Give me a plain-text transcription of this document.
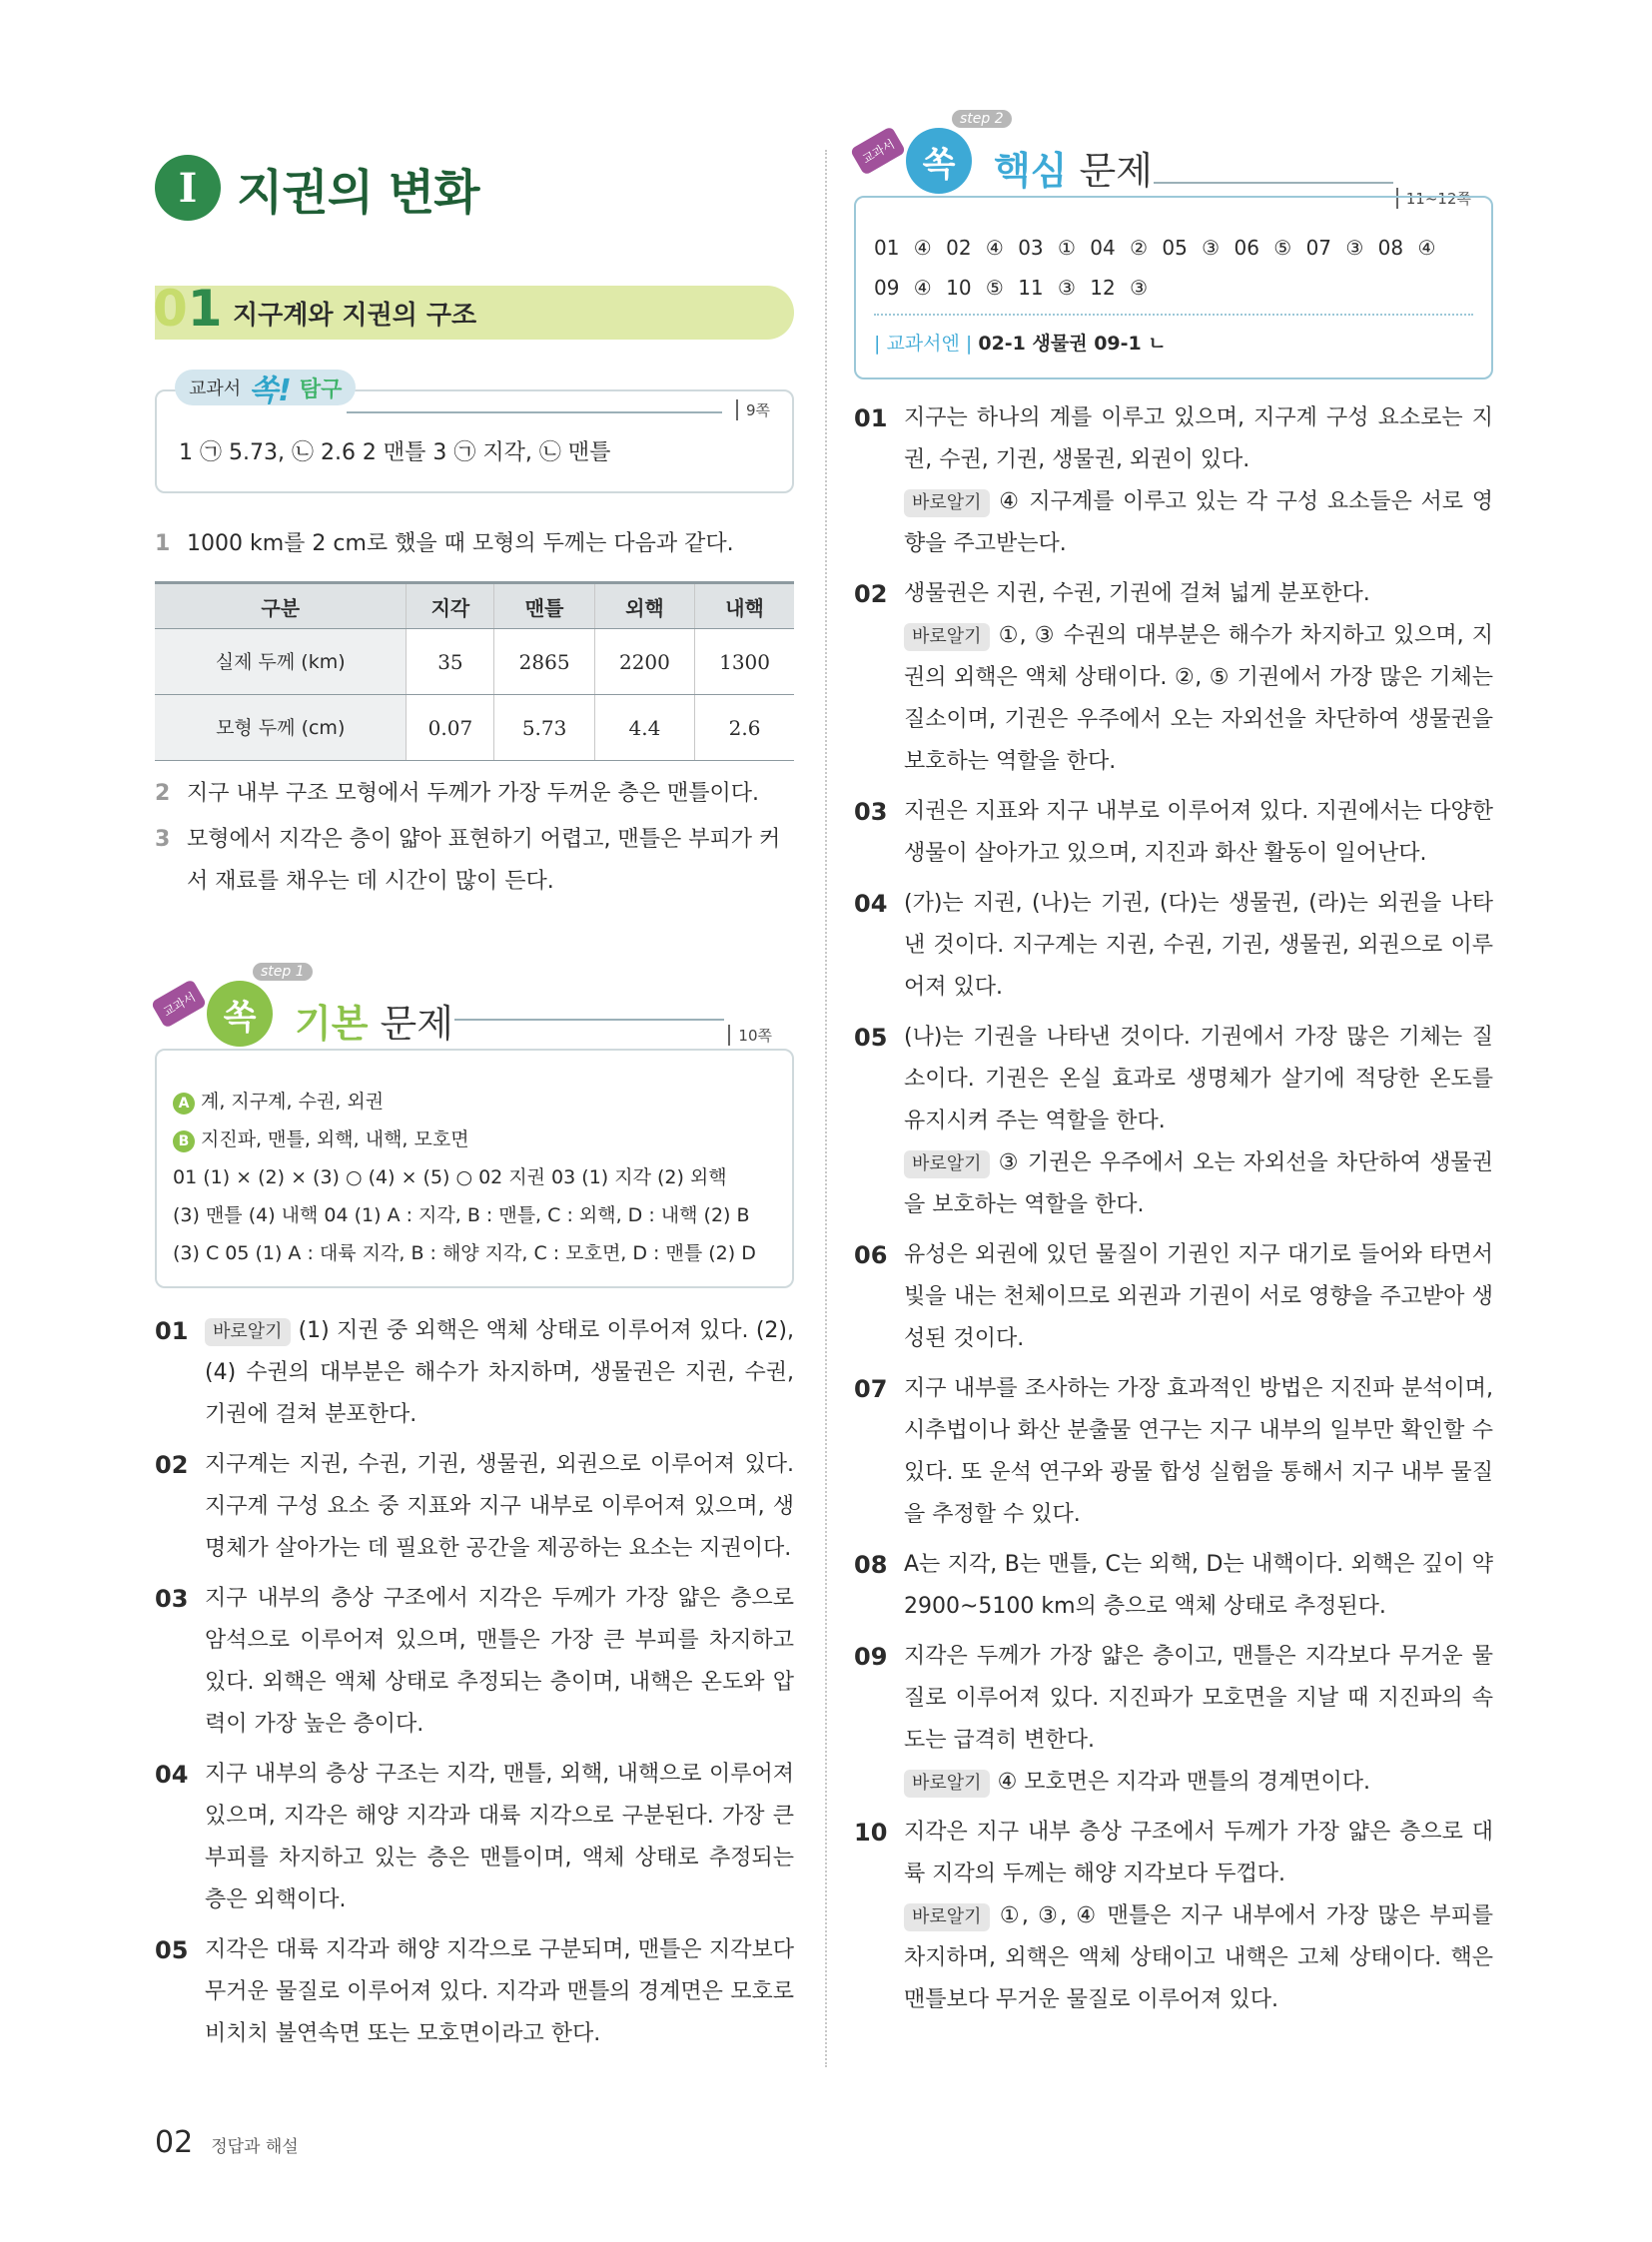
I 지권의 변화
01 지구계와 지권의 구조
교과서 쏙! 탐구
9쪽
1 ㉠ 5.73, ㉡ 2.6 2 맨틀 3 ㉠ 지각, ㉡ 맨틀
1 1000 km를 2 cm로 했을 때 모형의 두께는 다음과 같다.
구분	지각	맨틀	외핵	내핵
실제 두께 (km)	35	2865	2200	1300
모형 두께 (cm)	0.07	5.73	4.4	2.6
2 지구 내부 구조 모형에서 두께가 가장 두꺼운 층은 맨틀이다.
3 모형에서 지각은 층이 얇아 표현하기 어렵고, 맨틀은 부피가 커서 재료를 채우는 데 시간이 많이 든다.
교과서 쏙
step 1
기본 문제	10쪽
A 계, 지구계, 수권, 외권
B 지진파, 맨틀, 외핵, 내핵, 모호면
01 (1) × (2) × (3) ○ (4) × (5) ○ 02 지권 03 (1) 지각 (2) 외핵
(3) 맨틀 (4) 내핵 04 (1) A : 지각, B : 맨틀, C : 외핵, D : 내핵 (2) B
(3) C 05 (1) A : 대륙 지각, B : 해양 지각, C : 모호면, D : 맨틀 (2) D
01	바로알기 (1) 지권 중 외핵은 액체 상태로 이루어져 있다. (2), (4) 수권의 대부분은 해수가 차지하며, 생물권은 지권, 수권, 기권에 걸쳐 분포한다.
02 지구계는 지권, 수권, 기권, 생물권, 외권으로 이루어져 있다. 지구계 구성 요소 중 지표와 지구 내부로 이루어져 있으며, 생명체가 살아가는 데 필요한 공간을 제공하는 요소는 지권이다.
03 지구 내부의 층상 구조에서 지각은 두께가 가장 얇은 층으로 암석으로 이루어져 있으며, 맨틀은 가장 큰 부피를 차지하고 있다. 외핵은 액체 상태로 추정되는 층이며, 내핵은 온도와 압력이 가장 높은 층이다.
04 지구 내부의 층상 구조는 지각, 맨틀, 외핵, 내핵으로 이루어져 있으며, 지각은 해양 지각과 대륙 지각으로 구분된다. 가장 큰 부피를 차지하고 있는 층은 맨틀이며, 액체 상태로 추정되는 층은 외핵이다.
05 지각은 대륙 지각과 해양 지각으로 구분되며, 맨틀은 지각보다 무거운 물질로 이루어져 있다. 지각과 맨틀의 경계면은 모호로비치치 불연속면 또는 모호면이라고 한다.
교과서 쏙
step 2
핵심 문제
11~12쪽
01 ④ 02 ④ 03 ① 04 ② 05 ③ 06 ⑤ 07 ③ 08 ④
09 ④ 10 ⑤ 11 ③ 12 ③
| 교과서엔 | 02-1 생물권 09-1 ㄴ
01 지구는 하나의 계를 이루고 있으며, 지구계 구성 요소로는 지권, 수권, 기권, 생물권, 외권이 있다.
바로알기 ④ 지구계를 이루고 있는 각 구성 요소들은 서로 영향을 주고받는다.
02 생물권은 지권, 수권, 기권에 걸쳐 넓게 분포한다.
바로알기 ①, ③ 수권의 대부분은 해수가 차지하고 있으며, 지권의 외핵은 액체 상태이다. ②, ⑤ 기권에서 가장 많은 기체는 질소이며, 기권은 우주에서 오는 자외선을 차단하여 생물권을 보호하는 역할을 한다.
03 지권은 지표와 지구 내부로 이루어져 있다. 지권에서는 다양한 생물이 살아가고 있으며, 지진과 화산 활동이 일어난다.
04 (가)는 지권, (나)는 기권, (다)는 생물권, (라)는 외권을 나타낸 것이다. 지구계는 지권, 수권, 기권, 생물권, 외권으로 이루어져 있다.
05 (나)는 기권을 나타낸 것이다. 기권에서 가장 많은 기체는 질소이다. 기권은 온실 효과로 생명체가 살기에 적당한 온도를 유지시켜 주는 역할을 한다.
바로알기 ③ 기권은 우주에서 오는 자외선을 차단하여 생물권을 보호하는 역할을 한다.
06 유성은 외권에 있던 물질이 기권인 지구 대기로 들어와 타면서 빛을 내는 천체이므로 외권과 기권이 서로 영향을 주고받아 생성된 것이다.
07 지구 내부를 조사하는 가장 효과적인 방법은 지진파 분석이며, 시추법이나 화산 분출물 연구는 지구 내부의 일부만 확인할 수 있다. 또 운석 연구와 광물 합성 실험을 통해서 지구 내부 물질을 추정할 수 있다.
08 A는 지각, B는 맨틀, C는 외핵, D는 내핵이다. 외핵은 깊이 약 2900~5100 km의 층으로 액체 상태로 추정된다.
09 지각은 두께가 가장 얇은 층이고, 맨틀은 지각보다 무거운 물질로 이루어져 있다. 지진파가 모호면을 지날 때 지진파의 속도는 급격히 변한다.
바로알기 ④ 모호면은 지각과 맨틀의 경계면이다.
10 지각은 지구 내부 층상 구조에서 두께가 가장 얇은 층으로 대륙 지각의 두께는 해양 지각보다 두껍다.
바로알기 ①, ③, ④ 맨틀은 지구 내부에서 가장 많은 부피를 차지하며, 외핵은 액체 상태이고 내핵은 고체 상태이다. 핵은 맨틀보다 무거운 물질로 이루어져 있다.
02 정답과 해설
